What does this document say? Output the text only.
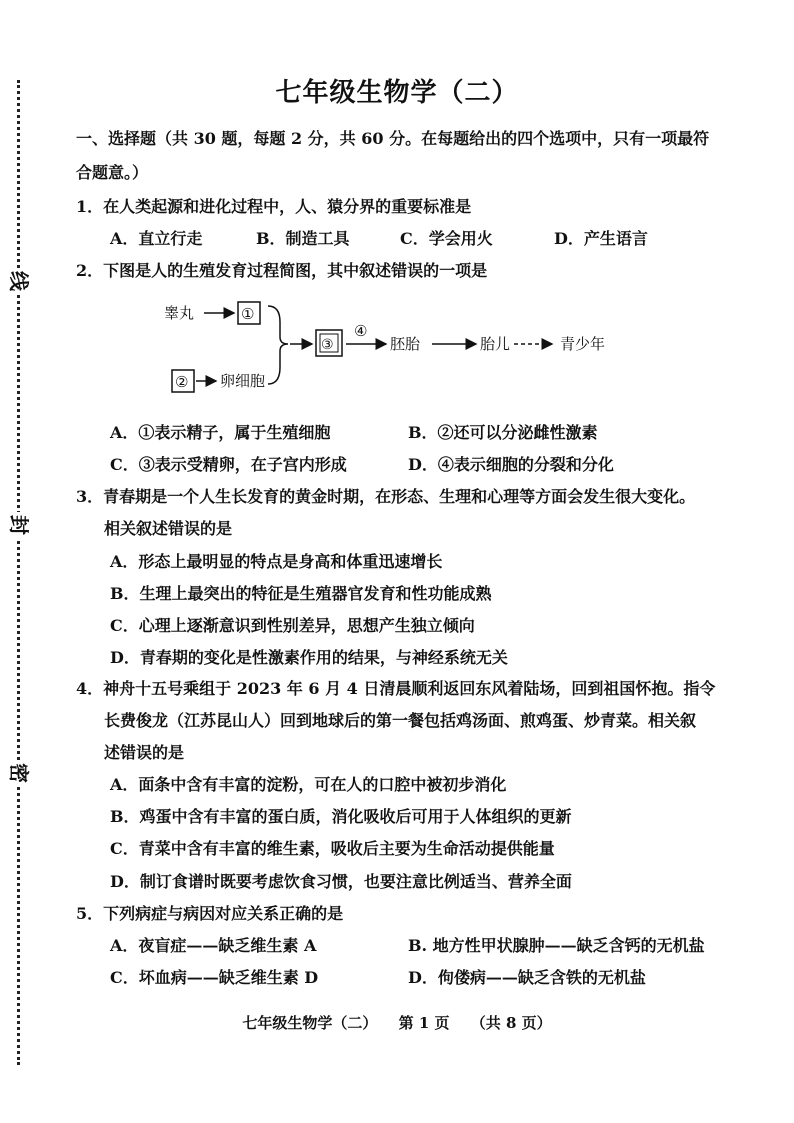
线
封
密
七年级生物学（二）
一、选择题（共 30 题，每题 2 分，共 60 分。在每题给出的四个选项中，只有一项最符
合题意。）
1．在人类起源和进化过程中，人、猿分界的重要标准是
A．直立行走	B．制造工具	C．学会用火	D．产生语言
2．下图是人的生殖发育过程简图，其中叙述错误的一项是
睾丸	①
② 卵细胞
③
④
胚胎	胎儿	青少年
A．①表示精子，属于生殖细胞	B．②还可以分泌雌性激素
C．③表示受精卵，在子宫内形成	D．④表示细胞的分裂和分化
3．青春期是一个人生长发育的黄金时期，在形态、生理和心理等方面会发生很大变化。
相关叙述错误的是
A．形态上最明显的特点是身高和体重迅速增长
B．生理上最突出的特征是生殖器官发育和性功能成熟
C．心理上逐渐意识到性别差异，思想产生独立倾向
D．青春期的变化是性激素作用的结果，与神经系统无关
4．神舟十五号乘组于 2023 年 6 月 4 日清晨顺利返回东风着陆场，回到祖国怀抱。指令
长费俊龙（江苏昆山人）回到地球后的第一餐包括鸡汤面、煎鸡蛋、炒青菜。相关叙
述错误的是
A．面条中含有丰富的淀粉，可在人的口腔中被初步消化
B．鸡蛋中含有丰富的蛋白质，消化吸收后可用于人体组织的更新
C．青菜中含有丰富的维生素，吸收后主要为生命活动提供能量
D．制订食谱时既要考虑饮食习惯，也要注意比例适当、营养全面
5．下列病症与病因对应关系正确的是
A．夜盲症——缺乏维生素 A	B. 地方性甲状腺肿——缺乏含钙的无机盐
C．坏血病——缺乏维生素 D	D．佝偻病——缺乏含铁的无机盐
七年级生物学（二） 第 1 页 （共 8 页）
